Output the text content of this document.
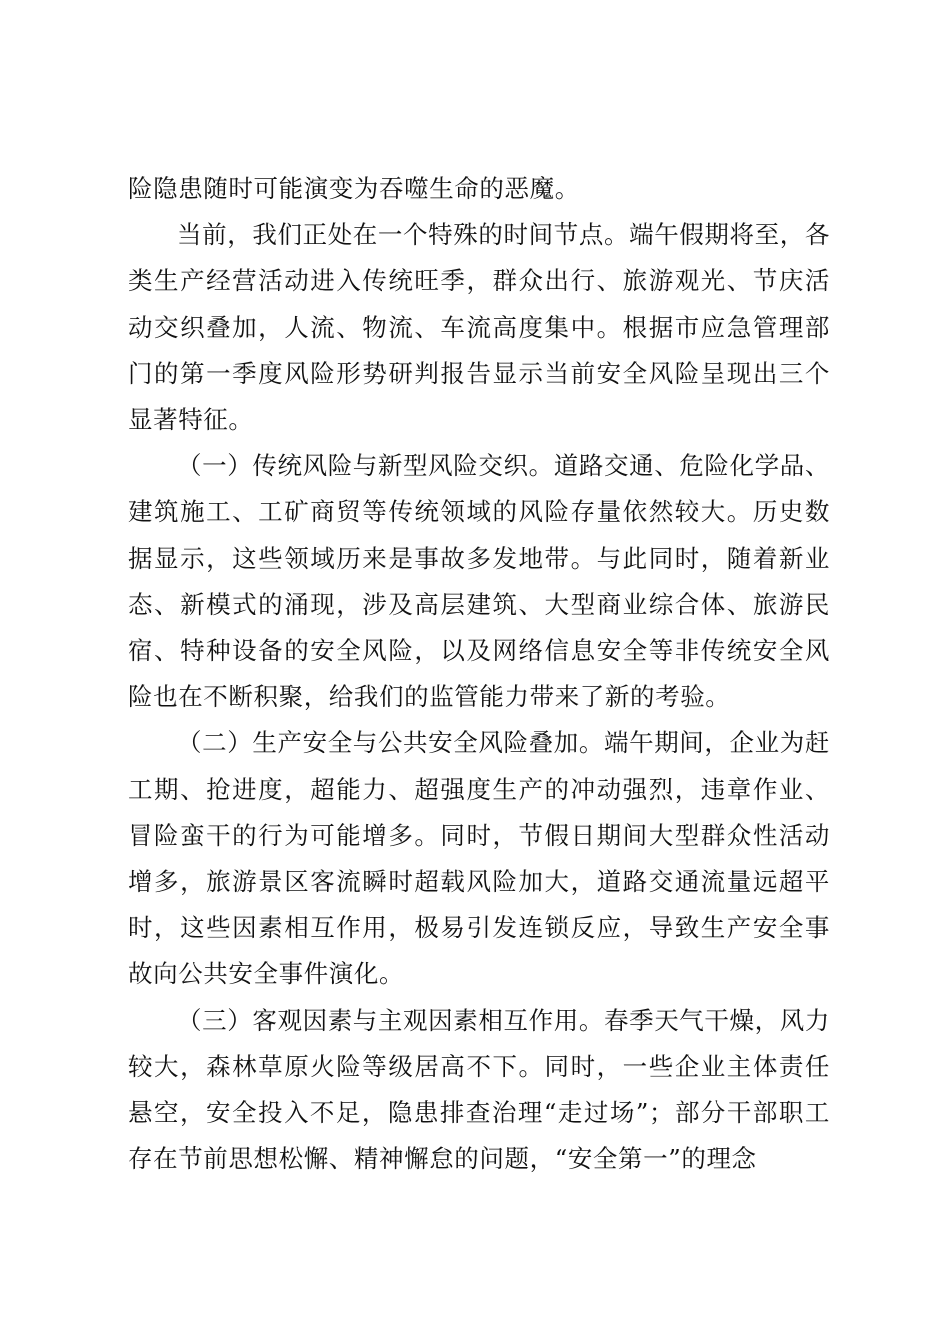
险隐患随时可能演变为吞噬生命的恶魔。

当前，我们正处在一个特殊的时间节点。端午假期将至，各类生产经营活动进入传统旺季，群众出行、旅游观光、节庆活动交织叠加，人流、物流、车流高度集中。根据市应急管理部门的第一季度风险形势研判报告显示当前安全风险呈现出三个显著特征。

（一）传统风险与新型风险交织。道路交通、危险化学品、建筑施工、工矿商贸等传统领域的风险存量依然较大。历史数据显示，这些领域历来是事故多发地带。与此同时，随着新业态、新模式的涌现，涉及高层建筑、大型商业综合体、旅游民宿、特种设备的安全风险，以及网络信息安全等非传统安全风险也在不断积聚，给我们的监管能力带来了新的考验。

（二）生产安全与公共安全风险叠加。端午期间，企业为赶工期、抢进度，超能力、超强度生产的冲动强烈，违章作业、冒险蛮干的行为可能增多。同时，节假日期间大型群众性活动增多，旅游景区客流瞬时超载风险加大，道路交通流量远超平时，这些因素相互作用，极易引发连锁反应，导致生产安全事故向公共安全事件演化。

（三）客观因素与主观因素相互作用。春季天气干燥，风力较大，森林草原火险等级居高不下。同时，一些企业主体责任悬空，安全投入不足，隐患排查治理“走过场”；部分干部职工存在节前思想松懈、精神懈怠的问题，“安全第一”的理念
